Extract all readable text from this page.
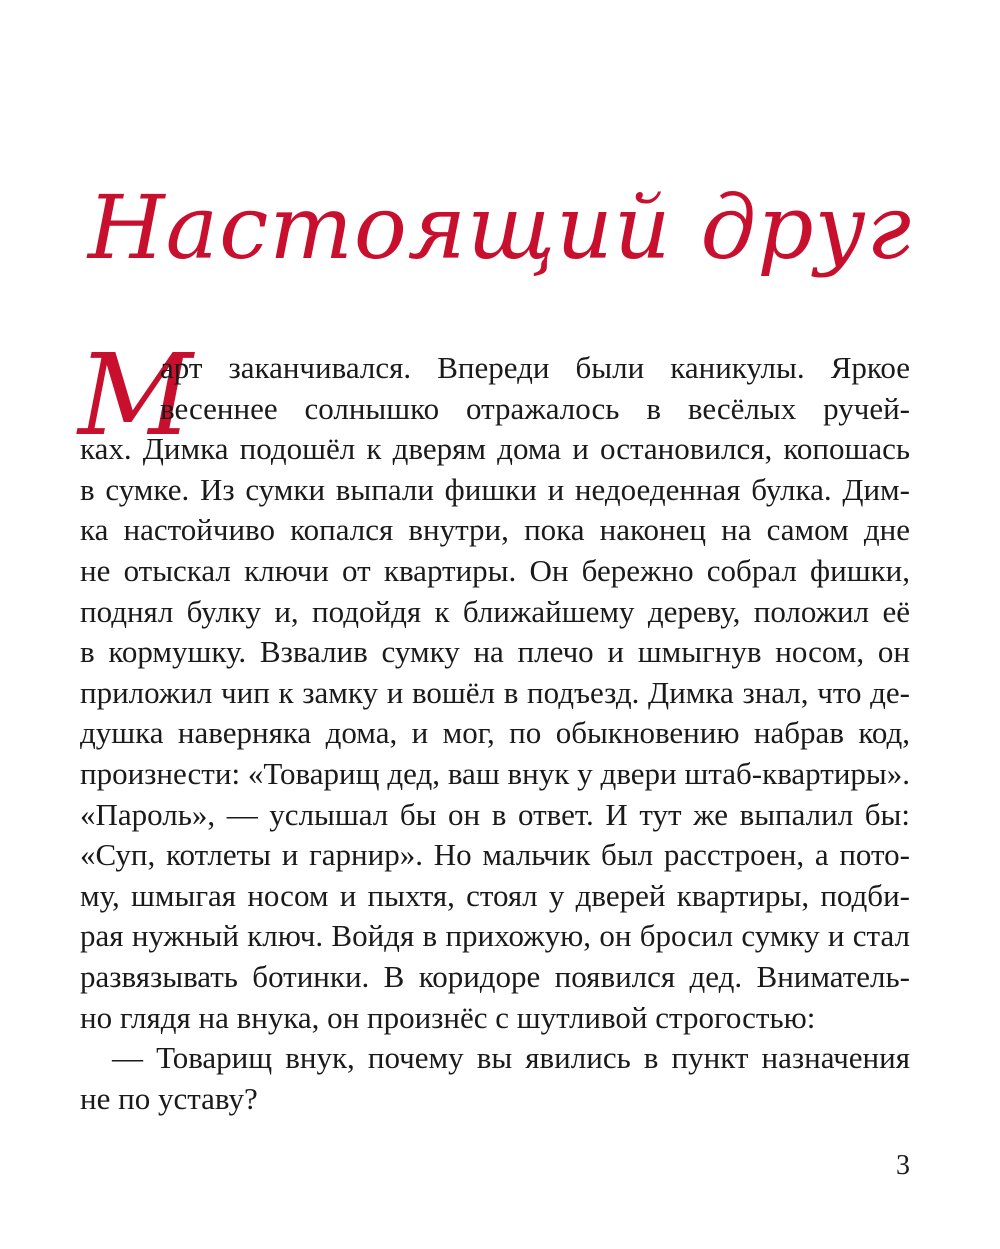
Настоящий друг
М
арт заканчивался. Впереди были каникулы. Яркое
весеннее солнышко отражалось в весёлых ручей-
ках. Димка подошёл к дверям дома и остановился, копошась
в сумке. Из сумки выпали фишки и недоеденная булка. Дим-
ка настойчиво копался внутри, пока наконец на самом дне
не отыскал ключи от квартиры. Он бережно собрал фишки,
поднял булку и, подойдя к ближайшему дереву, положил её
в кормушку. Взвалив сумку на плечо и шмыгнув носом, он
приложил чип к замку и вошёл в подъезд. Димка знал, что де-
душка наверняка дома, и мог, по обыкновению набрав код,
произнести: «Товарищ дед, ваш внук у двери штаб-квартиры».
«Пароль», — услышал бы он в ответ. И тут же выпалил бы:
«Суп, котлеты и гарнир». Но мальчик был расстроен, а пото-
му, шмыгая носом и пыхтя, стоял у дверей квартиры, подби-
рая нужный ключ. Войдя в прихожую, он бросил сумку и стал
развязывать ботинки. В коридоре появился дед. Вниматель-
но глядя на внука, он произнёс с шутливой строгостью:
— Товарищ внук, почему вы явились в пункт назначения
не по уставу?
3
